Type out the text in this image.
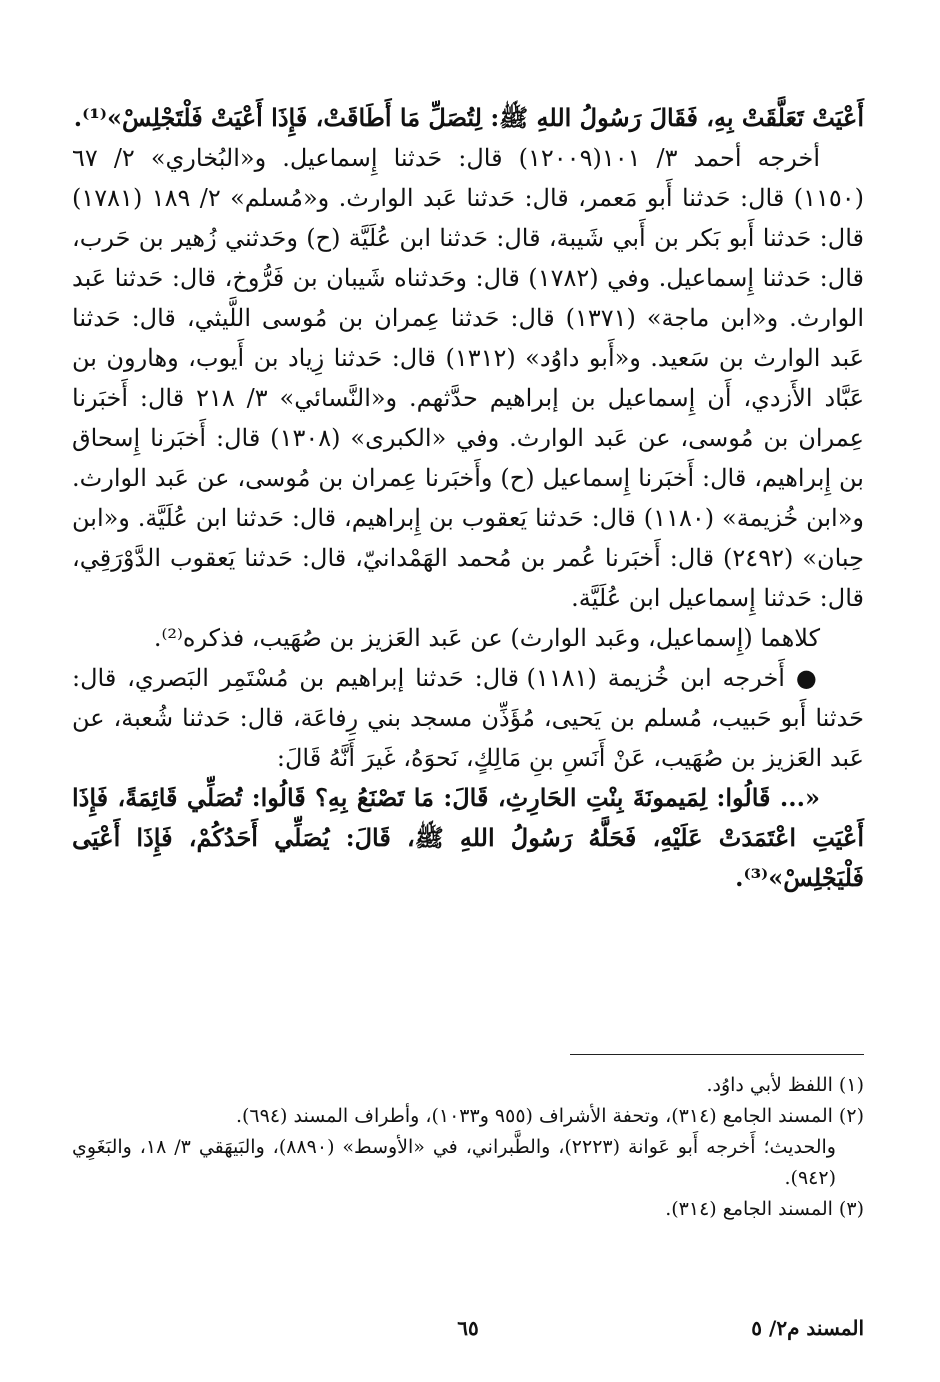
أَعْيَتْ تَعَلَّقَتْ بِهِ، فَقَالَ رَسُولُ اللهِ ﷺ: لِتُصَلِّ مَا أَطَاقَتْ، فَإِذَا أَعْيَتْ فَلْتَجْلِسْ»⁽¹⁾.

أخرجه أحمد ٣/ ١٠١(١٢٠٠٩) قال: حَدثنا إِسماعيل. و«البُخاري» ٢/ ٦٧ (١١٥٠) قال: حَدثنا أَبو مَعمر، قال: حَدثنا عَبد الوارث. و«مُسلم» ٢/ ١٨٩ (١٧٨١) قال: حَدثنا أَبو بَكر بن أَبي شَيبة، قال: حَدثنا ابن عُلَيَّة (ح) وحَدثني زُهير بن حَرب، قال: حَدثنا إِسماعيل. وفي (١٧٨٢) قال: وحَدثناه شَيبان بن فَرُّوخ، قال: حَدثنا عَبد الوارث. و«ابن ماجة» (١٣٧١) قال: حَدثنا عِمران بن مُوسى اللَّيثي، قال: حَدثنا عَبد الوارث بن سَعيد. و«أَبو داوُد» (١٣١٢) قال: حَدثنا زِياد بن أَيوب، وهارون بن عَبَّاد الأَزدي، أَن إِسماعيل بن إبراهيم حدَّثهم. و«النَّسائي» ٣/ ٢١٨ قال: أَخبَرنا عِمران بن مُوسى، عن عَبد الوارث. وفي «الكبرى» (١٣٠٨) قال: أَخبَرنا إِسحاق بن إِبراهيم، قال: أَخبَرنا إِسماعيل (ح) وأَخبَرنا عِمران بن مُوسى، عن عَبد الوارث. و«ابن خُزيمة» (١١٨٠) قال: حَدثنا يَعقوب بن إِبراهيم، قال: حَدثنا ابن عُلَيَّة. و«ابن حِبان» (٢٤٩٢) قال: أَخبَرنا عُمر بن مُحمد الهَمْدانيّ، قال: حَدثنا يَعقوب الدَّوْرَقِي، قال: حَدثنا إِسماعيل ابن عُلَيَّة.

كلاهما (إِسماعيل، وعَبد الوارث) عن عَبد العَزيز بن صُهَيب، فذكره⁽²⁾.

● أَخرجه ابن خُزيمة (١١٨١) قال: حَدثنا إبراهيم بن مُسْتَمِر البَصري، قال: حَدثنا أَبو حَبيب، مُسلم بن يَحيى، مُؤَذِّن مسجد بني رِفاعَة، قال: حَدثنا شُعبة، عن عَبد العَزيز بن صُهَيب، عَنْ أَنَسِ بنِ مَالِكٍ، نَحوَهُ، غَيرَ أَنَّهُ قَالَ:

«... قَالُوا: لِمَيمونَةَ بِنْتِ الحَارِثِ، قَالَ: مَا تَصْنَعُ بِهِ؟ قَالُوا: تُصَلِّي قَائِمَةً، فَإِذَا أَعْيَتِ اعْتَمَدَتْ عَلَيْهِ، فَحَلَّهُ رَسُولُ اللهِ ﷺ، قَالَ: يُصَلِّي أَحَدُكُمْ، فَإِذَا أَعْيَى فَلْيَجْلِسْ»⁽³⁾.

(١) اللفظ لأبي داوُد.

(٢) المسند الجامع (٣١٤)، وتحفة الأشراف (٩٥٥ و١٠٣٣)، وأطراف المسند (٦٩٤).

والحديث؛ أَخرجه أَبو عَوانة (٢٢٢٣)، والطَّبراني، في «الأوسط» (٨٨٩٠)، والبَيهَقي ٣/ ١٨، والبَغَوِي (٩٤٢).

(٣) المسند الجامع (٣١٤).

المسند م٢/ ٥
٦٥
